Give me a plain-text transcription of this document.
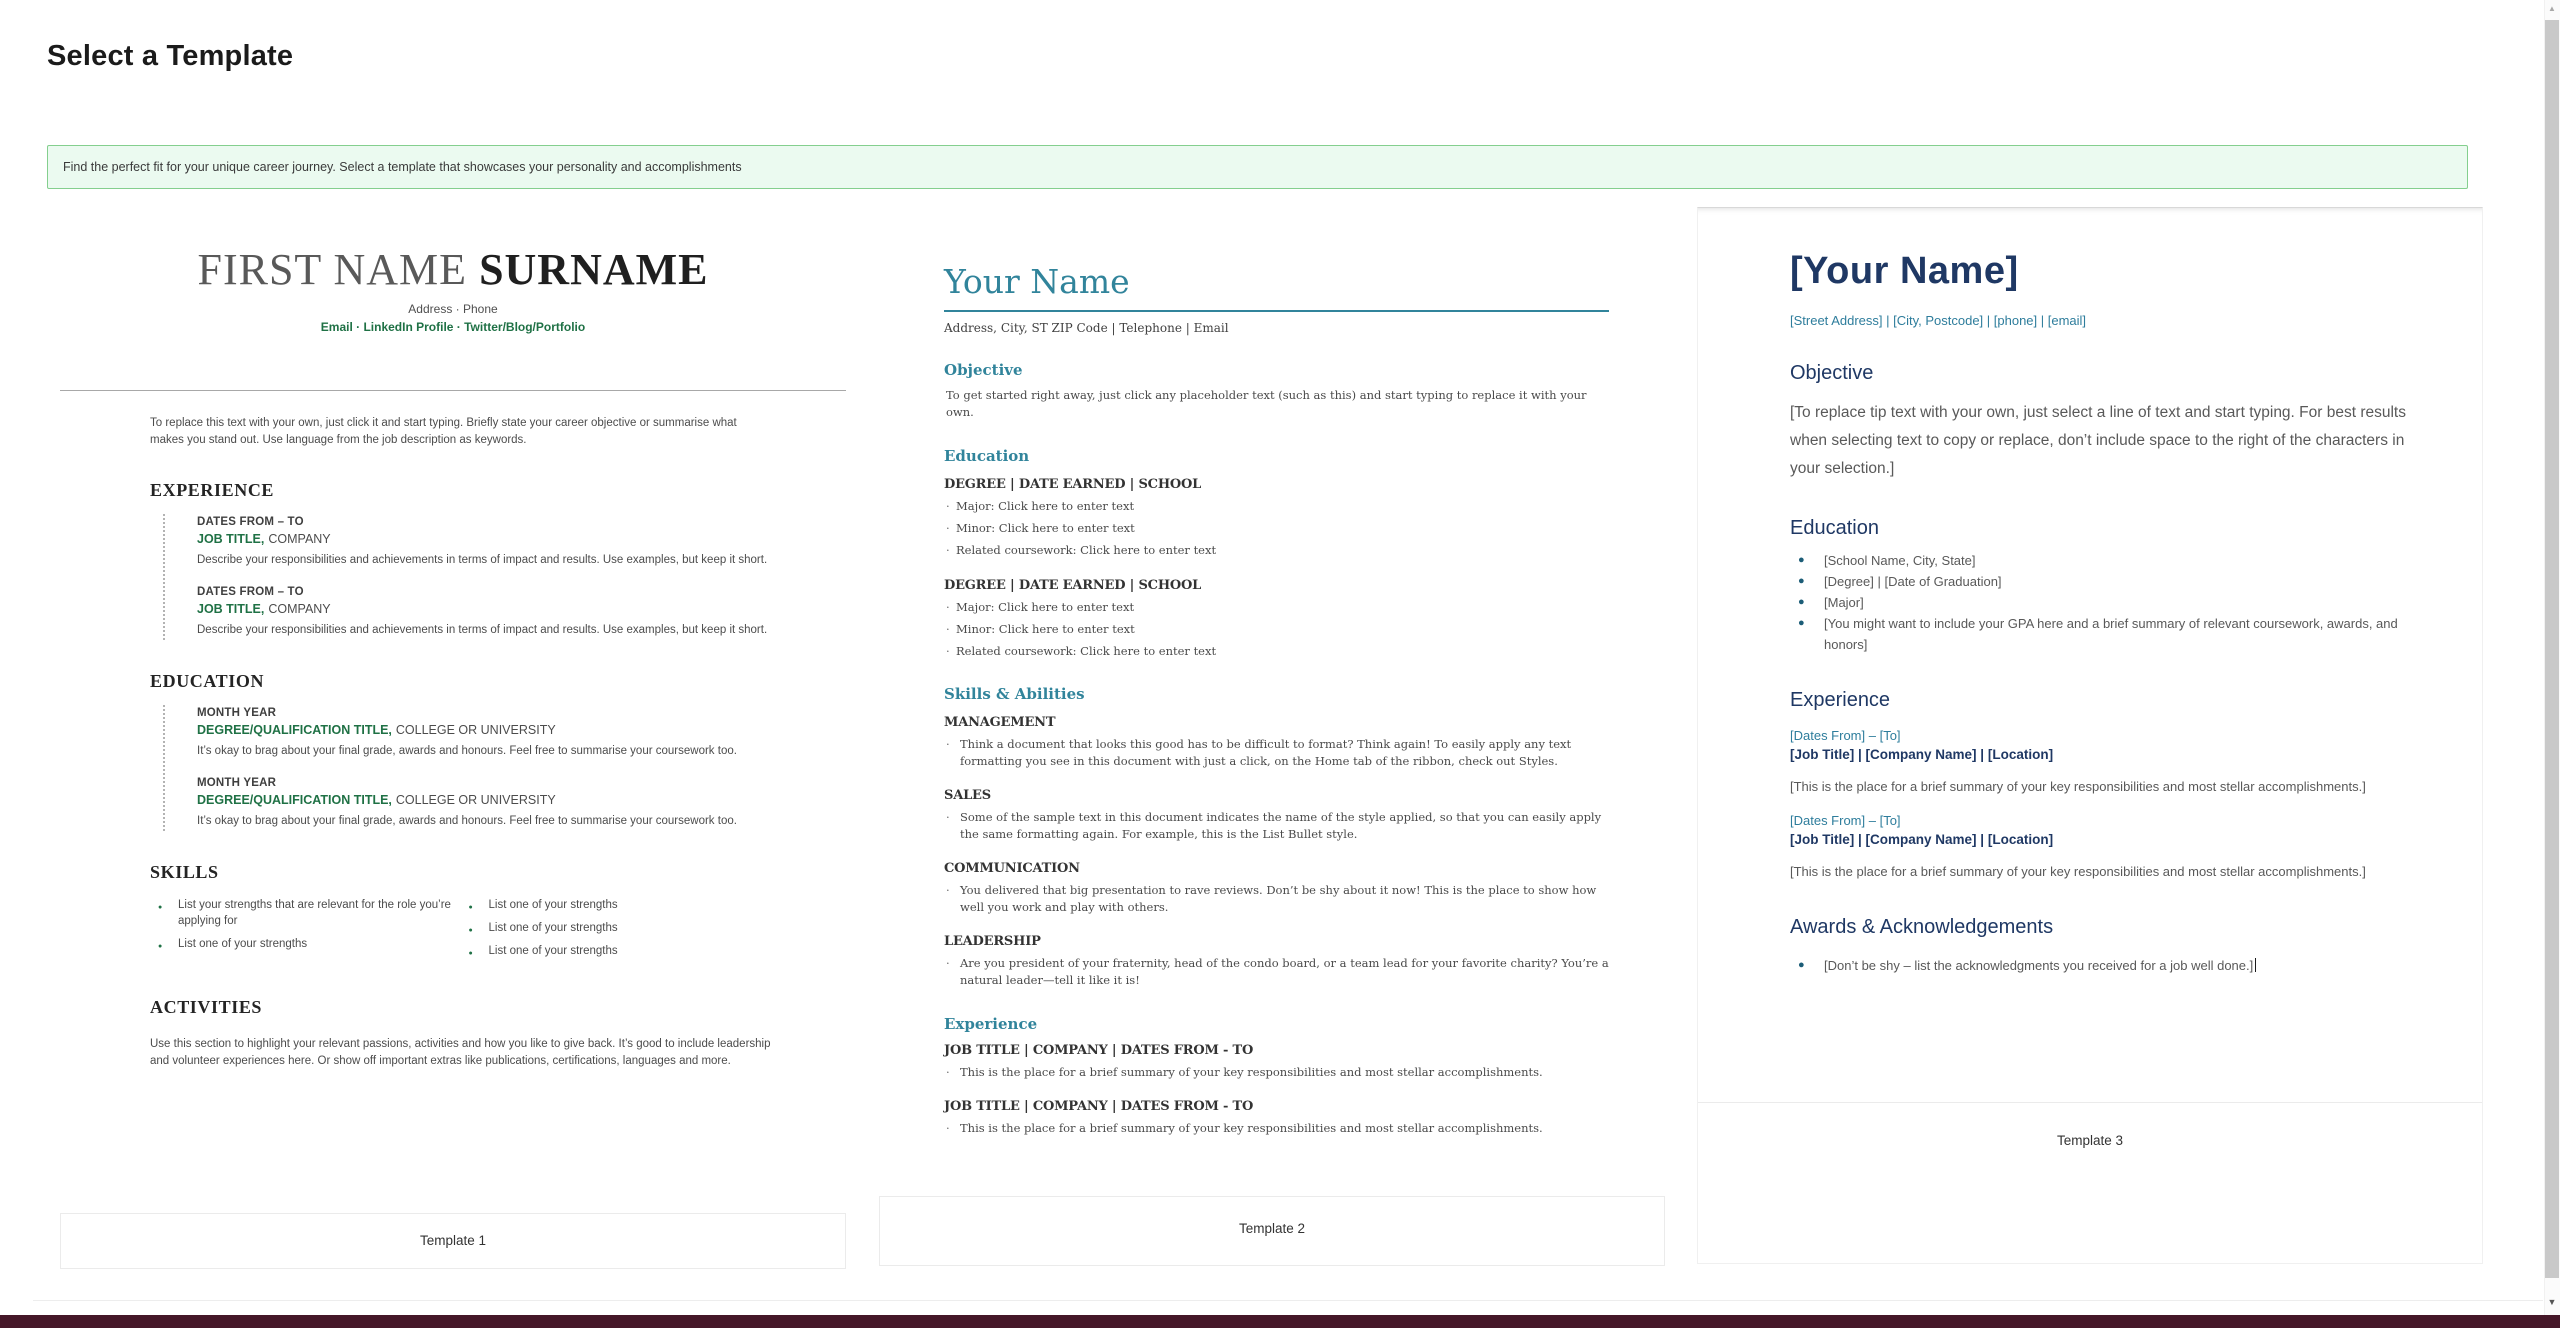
Select a Template
Find the perfect fit for your unique career journey. Select a template that showcases your personality and accomplishments
FIRST NAME SURNAME
Address · Phone
Email · LinkedIn Profile · Twitter/Blog/Portfolio
To replace this text with your own, just click it and start typing. Briefly state your career objective or summarise what makes you stand out. Use language from the job description as keywords.
EXPERIENCE
DATES FROM – TO
JOB TITLE, COMPANY
Describe your responsibilities and achievements in terms of impact and results. Use examples, but keep it short.
DATES FROM – TO
JOB TITLE, COMPANY
Describe your responsibilities and achievements in terms of impact and results. Use examples, but keep it short.
EDUCATION
MONTH YEAR
DEGREE/QUALIFICATION TITLE, COLLEGE OR UNIVERSITY
It’s okay to brag about your final grade, awards and honours. Feel free to summarise your coursework too.
MONTH YEAR
DEGREE/QUALIFICATION TITLE, COLLEGE OR UNIVERSITY
It’s okay to brag about your final grade, awards and honours. Feel free to summarise your coursework too.
SKILLS
● List your strengths that are relevant for the role you’re applying for
● List one of your strengths
● List one of your strengths
● List one of your strengths
● List one of your strengths
ACTIVITIES
Use this section to highlight your relevant passions, activities and how you like to give back. It’s good to include leadership and volunteer experiences here. Or show off important extras like publications, certifications, languages and more.
Your Name
Address, City, ST ZIP Code | Telephone | Email
Objective
To get started right away, just click any placeholder text (such as this) and start typing to replace it with your own.
Education
DEGREE | DATE EARNED | SCHOOL
· Major: Click here to enter text
· Minor: Click here to enter text
· Related coursework: Click here to enter text
DEGREE | DATE EARNED | SCHOOL
· Major: Click here to enter text
· Minor: Click here to enter text
· Related coursework: Click here to enter text
Skills & Abilities
MANAGEMENT
· Think a document that looks this good has to be difficult to format? Think again! To easily apply any text formatting you see in this document with just a click, on the Home tab of the ribbon, check out Styles.
SALES
· Some of the sample text in this document indicates the name of the style applied, so that you can easily apply the same formatting again. For example, this is the List Bullet style.
COMMUNICATION
· You delivered that big presentation to rave reviews. Don’t be shy about it now! This is the place to show how well you work and play with others.
LEADERSHIP
· Are you president of your fraternity, head of the condo board, or a team lead for your favorite charity? You’re a natural leader—tell it like it is!
Experience
JOB TITLE | COMPANY | DATES FROM - TO
· This is the place for a brief summary of your key responsibilities and most stellar accomplishments.
JOB TITLE | COMPANY | DATES FROM - TO
· This is the place for a brief summary of your key responsibilities and most stellar accomplishments.
[Your Name]
[Street Address] | [City, Postcode] | [phone] | [email]
Objective
[To replace tip text with your own, just select a line of text and start typing. For best results when selecting text to copy or replace, don’t include space to the right of the characters in your selection.]
Education
●	[School Name, City, State]
●	[Degree] | [Date of Graduation]
●	[Major]
●	[You might want to include your GPA here and a brief summary of relevant coursework, awards, and honors]
Experience
[Dates From] – [To]
[Job Title] | [Company Name] | [Location]
[This is the place for a brief summary of your key responsibilities and most stellar accomplishments.]
[Dates From] – [To]
[Job Title] | [Company Name] | [Location]
[This is the place for a brief summary of your key responsibilities and most stellar accomplishments.]
Awards & Acknowledgements
●	[Don’t be shy – list the acknowledgments you received for a job well done.]
Template 3
Template 1
Template 2
▲
▼
